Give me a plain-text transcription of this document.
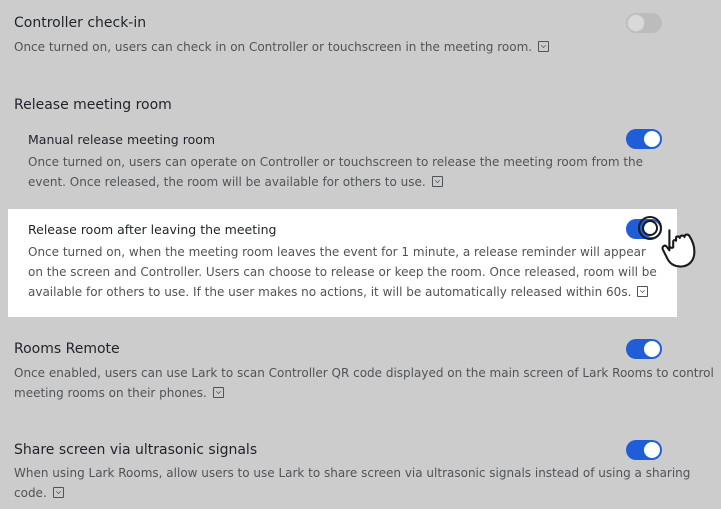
Controller check-in
Once turned on, users can check in on Controller or touchscreen in the meeting room.
Release meeting room
Manual release meeting room
Once turned on, users can operate on Controller or touchscreen to release the meeting room from the
event. Once released, the room will be available for others to use.
Release room after leaving the meeting
Once turned on, when the meeting room leaves the event for 1 minute, a release reminder will appear
on the screen and Controller. Users can choose to release or keep the room. Once released, room will be
available for others to use. If the user makes no actions, it will be automatically released within 60s.
Rooms Remote
Once enabled, users can use Lark to scan Controller QR code displayed on the main screen of Lark Rooms to control
meeting rooms on their phones.
Share screen via ultrasonic signals
When using Lark Rooms, allow users to use Lark to share screen via ultrasonic signals instead of using a sharing
code.
